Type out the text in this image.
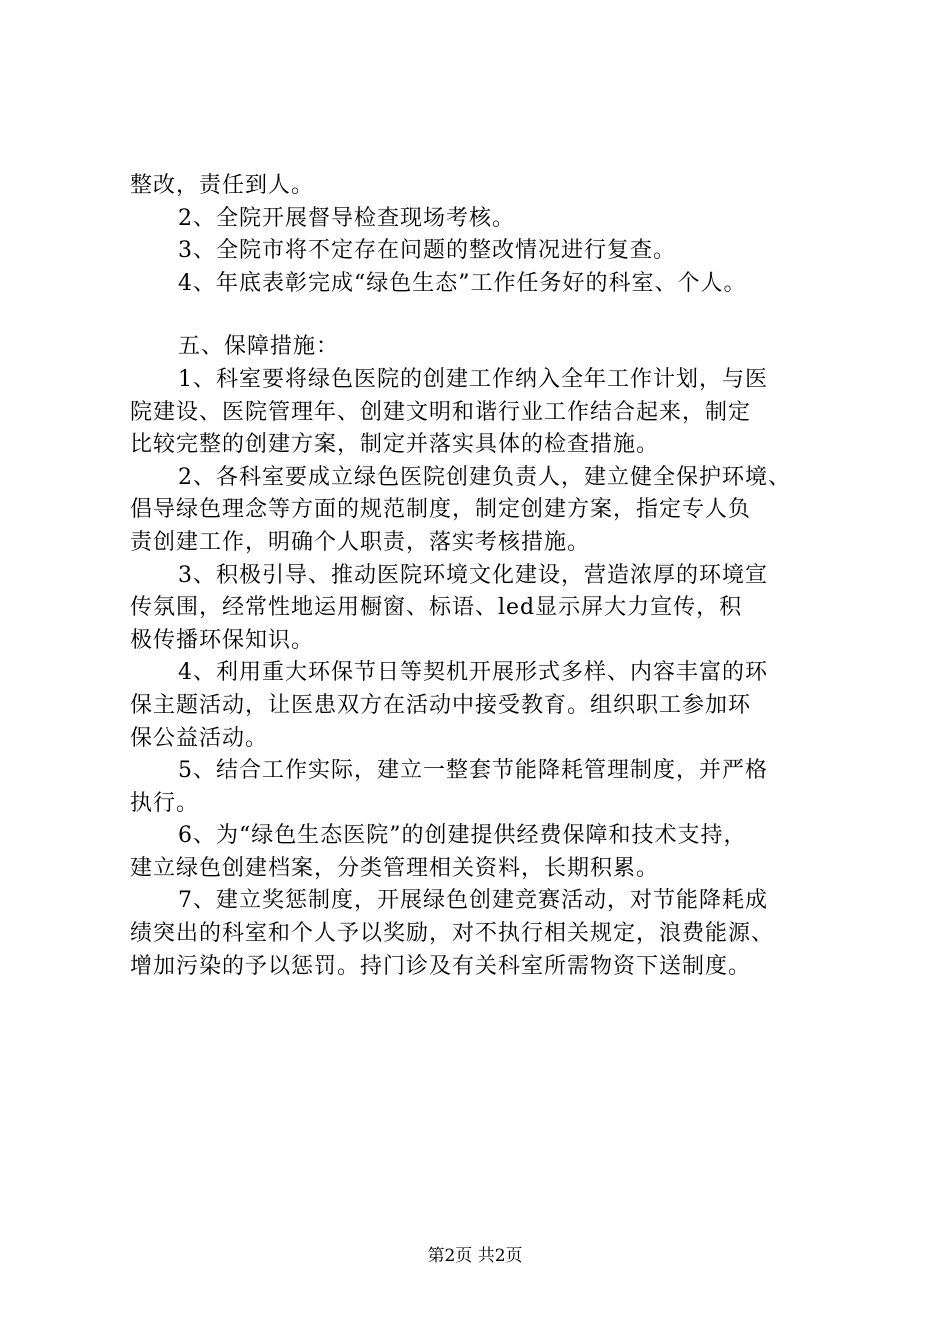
整改，责任到人。
2、全院开展督导检查现场考核。
3、全院市将不定存在问题的整改情况进行复查。
4、年底表彰完成“绿色生态”工作任务好的科室、个人。
五、保障措施：
1、科室要将绿色医院的创建工作纳入全年工作计划，与医
院建设、医院管理年、创建文明和谐行业工作结合起来，制定
比较完整的创建方案，制定并落实具体的检查措施。
2、各科室要成立绿色医院创建负责人，建立健全保护环境、
倡导绿色理念等方面的规范制度，制定创建方案，指定专人负
责创建工作，明确个人职责，落实考核措施。
3、积极引导、推动医院环境文化建设，营造浓厚的环境宣
传氛围，经常性地运用橱窗、标语、led显示屏大力宣传，积
极传播环保知识。
4、利用重大环保节日等契机开展形式多样、内容丰富的环
保主题活动，让医患双方在活动中接受教育。组织职工参加环
保公益活动。
5、结合工作实际，建立一整套节能降耗管理制度，并严格
执行。
6、为“绿色生态医院”的创建提供经费保障和技术支持，
建立绿色创建档案，分类管理相关资料，长期积累。
7、建立奖惩制度，开展绿色创建竞赛活动，对节能降耗成
绩突出的科室和个人予以奖励，对不执行相关规定，浪费能源、
增加污染的予以惩罚。持门诊及有关科室所需物资下送制度。
第2页 共2页
